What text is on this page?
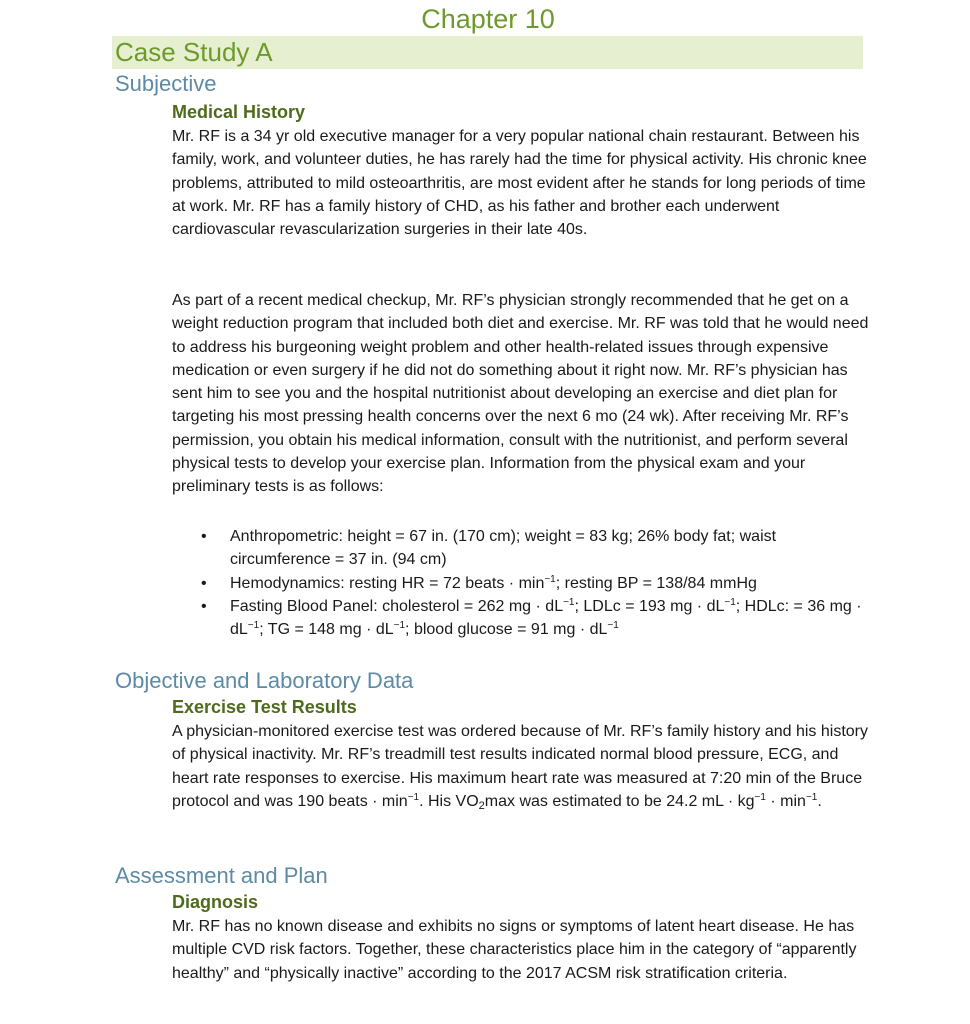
Chapter 10
Case Study A
Subjective
Medical History

Mr. RF is a 34 yr old executive manager for a very popular national chain restaurant. Between his family, work, and volunteer duties, he has rarely had the time for physical activity. His chronic knee problems, attributed to mild osteoarthritis, are most evident after he stands for long periods of time at work. Mr. RF has a family history of CHD, as his father and brother each underwent cardiovascular revascularization surgeries in their late 40s.

As part of a recent medical checkup, Mr. RF’s physician strongly recommended that he get on a weight reduction program that included both diet and exercise. Mr. RF was told that he would need to address his burgeoning weight problem and other health-related issues through expensive medication or even surgery if he did not do something about it right now. Mr. RF’s physician has sent him to see you and the hospital nutritionist about developing an exercise and diet plan for targeting his most pressing health concerns over the next 6 mo (24 wk). After receiving Mr. RF’s permission, you obtain his medical information, consult with the nutritionist, and perform several physical tests to develop your exercise plan. Information from the physical exam and your preliminary tests is as follows:

• Anthropometric: height = 67 in. (170 cm); weight = 83 kg; 26% body fat; waist circumference = 37 in. (94 cm)
• Hemodynamics: resting HR = 72 beats · $\min^{-1}$; resting BP = 138/84 mmHg
• Fasting Blood Panel: cholesterol = 262 mg · $dL^{-1}$; LDLc = 193 mg · $dL^{-1}$; HDLc: = 36 mg · $dL^{-1}$; TG = 148 mg · $dL^{-1}$; blood glucose = 91 mg · $dL^{-1}$
Objective and Laboratory Data
Exercise Test Results

A physician-monitored exercise test was ordered because of Mr. RF’s family history and his history of physical inactivity. Mr. RF’s treadmill test results indicated normal blood pressure, ECG, and heart rate responses to exercise. His maximum heart rate was measured at 7:20 min of the Bruce protocol and was 190 beats · $\min^{-1}$. His $VO_2\max$ was estimated to be 24.2 mL · $kg^{-1} \cdot \min^{-1}$.

Assessment and Plan
Diagnosis

Mr. RF has no known disease and exhibits no signs or symptoms of latent heart disease. He has multiple CVD risk factors. Together, these characteristics place him in the category of “apparently healthy” and “physically inactive” according to the 2017 ACSM risk stratification criteria.
